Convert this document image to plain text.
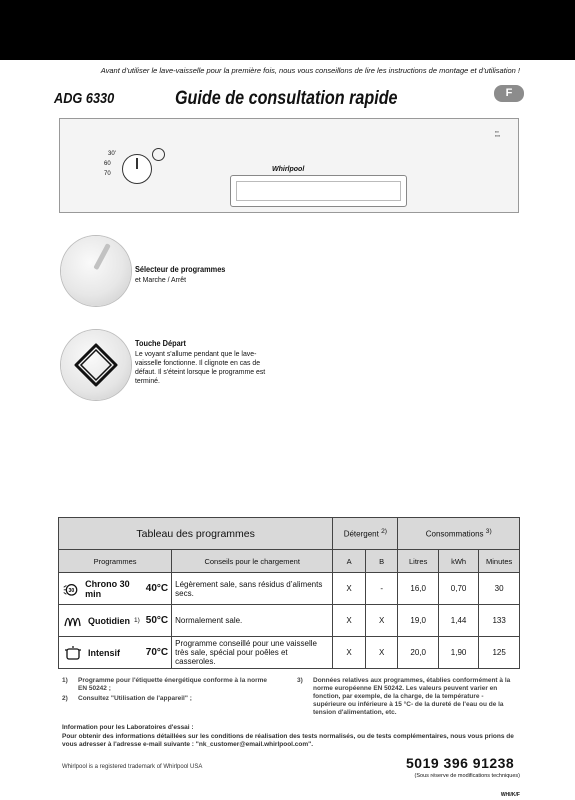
Avant d’utiliser le lave-vaisselle pour la première fois, nous vous conseillons de lire les instructions de montage et d’utilisation !
ADG 6330	Guide de consultation rapide	F
30'
60
70
Whirlpool
▪▪▪
▪▪▪▪
Sélecteur de programmes
et Marche / Arrêt
Touche Départ
Le voyant s'allume pendant que le lave-vaisselle fonctionne. Il clignote en cas de défaut. Il s'éteint lorsque le programme est terminé.
Tableau des programmes			Détergent $^{2)}$		Consommations $^{3)}$
Programmes		Conseils pour le chargement	A	B	Litres	kWh	Minutes

30
Chrono 30 min	40°C	Légèrement sale, sans résidus d’aliments secs.	X	-	16,0	0,70	30

Quotidien 1)	50°C	Normalement sale.	X	X	19,0	1,44	133

Intensif	70°C	Programme conseillé pour une vaisselle très sale, spécial pour poêles et casseroles.	X	X	20,0	1,90	125
1) Programme pour l'étiquette énergétique conforme à la norme EN 50242 ;
2) Consultez "Utilisation de l'appareil" ;
3) Données relatives aux programmes, établies conformément à la norme européenne EN 50242. Les valeurs peuvent varier en fonction, par exemple, de la charge, de la température - supérieure ou inférieure à 15 °C- de la dureté de l'eau ou de la tension d'alimentation, etc.
Information pour les Laboratoires d'essai :
Pour obtenir des informations détaillées sur les conditions de réalisation des tests normalisés, ou de tests complémentaires, nous vous prions de vous adresser à l'adresse e-mail suivante : "nk_customer@email.whirlpool.com".
Whirlpool is a registered trademark of Whirlpool USA	5019 396 91238
(Sous réserve de modifications techniques)
WHI/K/F
